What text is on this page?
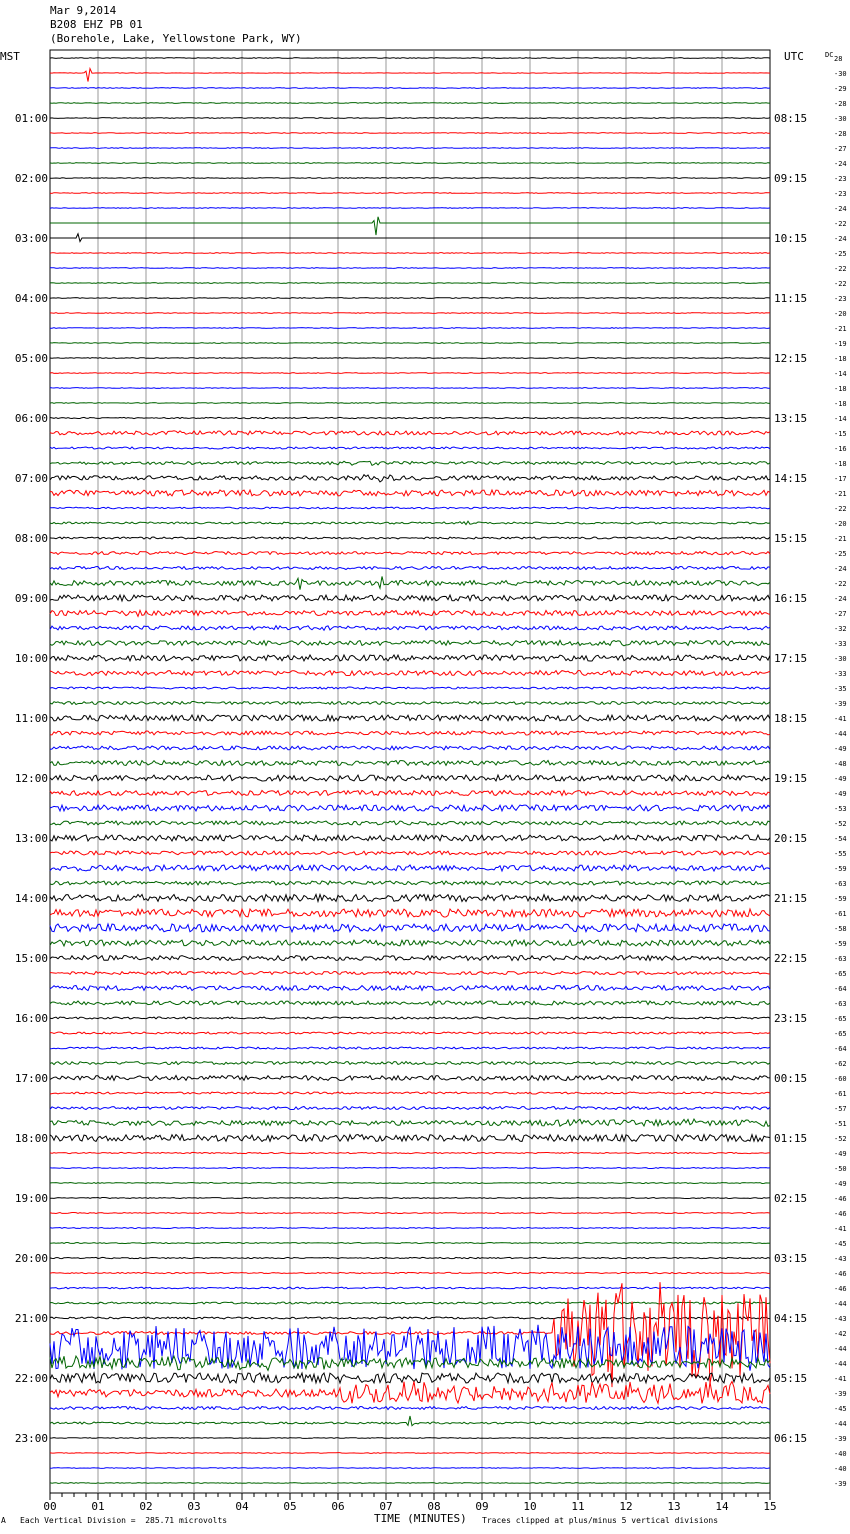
Mar 9,2014
B208 EHZ PB 01
(Borehole, Lake, Yellowstone Park, WY)
MST	UTC
00	01	02	03	04	05	06	07	08	09	10	11	12	13	14	15
DC 28
-30
-29
-28
-30
01:00	08:15
-28
-27
-24
-23
02:00	09:15
-23
-24
-22
-24
03:00	10:15
-25
-22
-22
-23
04:00	11:15
-20
-21
-19
-18
05:00	12:15
-14
-18
-18
-14
06:00	13:15
-15
-16
-18
-17
07:00	14:15
-21
-22
-20
-21
08:00	15:15
-25
-24
-22
-24
09:00	16:15
-27
-32
-33
-30
10:00	17:15
-33
-35
-39
-41
11:00	18:15
-44
-49
-48
-49
12:00	19:15
-49
-53
-52
-54
13:00	20:15
-55
-59
-63
-59
14:00	21:15
-61
-58
-59
-63
15:00	22:15
-65
-64
-63
-65
16:00	23:15
-65
-64
-62
-60
17:00	00:15
-61
-57
-51
-52
18:00	01:15
-49
-50
-49
-46
19:00	02:15
-46
-41
-45
-43
20:00	03:15
-46
-46
-44
-43
21:00	04:15
-42
-44
-44
-41
22:00	05:15
-39
-45
-44
-39
23:00	06:15
-40
-40
-39
A Each Vertical Division =  285.71 microvolts	TIME (MINUTES) Traces clipped at plus/minus 5 vertical divisions
